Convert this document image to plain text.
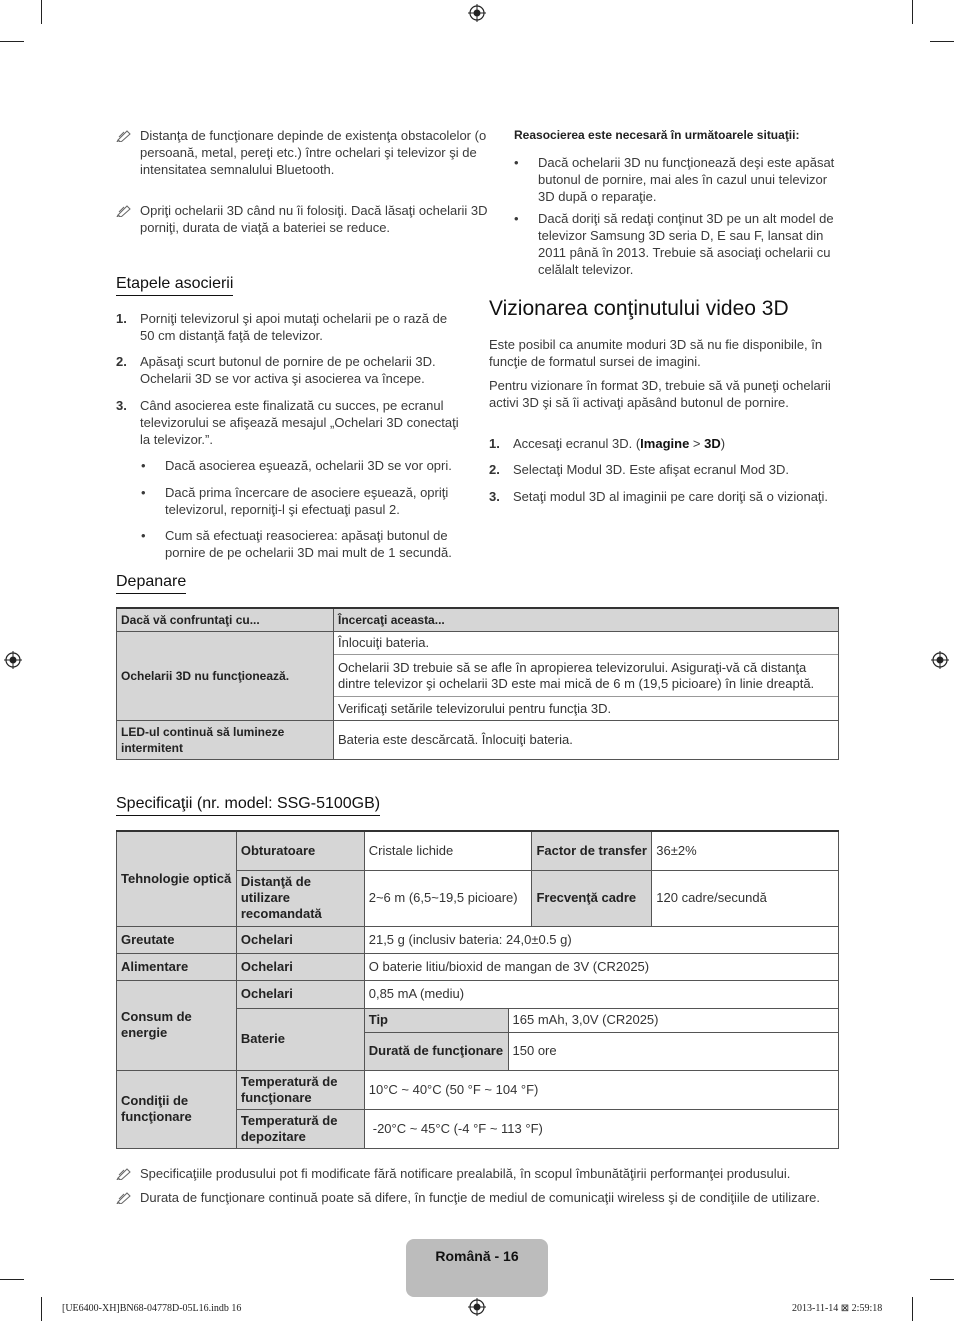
Distanţa de funcţionare depinde de existenţa obstacolelor (o persoană, metal, pereţi etc.) între ochelari şi televizor şi de intensitatea semnalului Bluetooth.
Opriţi ochelarii 3D când nu îi folosiţi. Dacă lăsaţi ochelarii 3D porniţi, durata de viaţă a bateriei se reduce.
Etapele asocierii
1. Porniţi televizorul şi apoi mutaţi ochelarii pe o rază de 50 cm distanţă faţă de televizor.
2. Apăsaţi scurt butonul de pornire de pe ochelarii 3D. Ochelarii 3D se vor activa şi asocierea va începe.
3. Când asocierea este finalizată cu succes, pe ecranul televizorului se afişează mesajul „Ochelari 3D conectaţi la televizor.”.
• Dacă asocierea eşuează, ochelarii 3D se vor opri.
• Dacă prima încercare de asociere eşuează, opriţi televizorul, reporniţi-l şi efectuaţi pasul 2.
• Cum să efectuaţi reasocierea: apăsaţi butonul de pornire de pe ochelarii 3D mai mult de 1 secundă.
Reasocierea este necesară în următoarele situaţii:
• Dacă ochelarii 3D nu funcţionează deşi este apăsat butonul de pornire, mai ales în cazul unui televizor 3D după o reparaţie.
• Dacă doriţi să redaţi conţinut 3D pe un alt model de televizor Samsung 3D seria D, E sau F, lansat din 2011 până în 2013. Trebuie să asociaţi ochelarii cu celălalt televizor.
Vizionarea conţinutului video 3D
Este posibil ca anumite moduri 3D să nu fie disponibile, în funcţie de formatul sursei de imagini.
Pentru vizionare în format 3D, trebuie să vă puneţi ochelarii activi 3D şi să îi activaţi apăsând butonul de pornire.
1. Accesaţi ecranul 3D. (Imagine > 3D)
2. Selectaţi Modul 3D. Este afişat ecranul Mod 3D.
3. Setaţi modul 3D al imaginii pe care doriţi să o vizionaţi.
Depanare
Dacă vă confruntaţi cu...	Încercaţi aceasta...
Ochelarii 3D nu funcţionează.	Înlocuiţi bateria.
Ochelarii 3D trebuie să se afle în apropierea televizorului. Asiguraţi-vă că distanţa dintre televizor şi ochelarii 3D este mai mică de 6 m (19,5 picioare) în linie dreaptă.
Verificaţi setările televizorului pentru funcţia 3D.

LED-ul continuă să lumineze intermitent	Bateria este descărcată. Înlocuiţi bateria.
Specificaţii (nr. model: SSG-5100GB)
Tehnologie optică	Obturatoare	Cristale lichide		Factor de transfer	36±2%
	Distanţă de utilizare recomandată	2~6 m (6,5~19,5 picioare)		Frecvenţă cadre	120 cadre/secundă
Greutate	Ochelari	21,5 g (inclusiv bateria: 24,0±0.5 g)			
Alimentare	Ochelari	O baterie litiu/bioxid de mangan de 3V (CR2025)			
Consum de energie	Ochelari	0,85 mA (mediu)			
	Baterie	Tip	165 mAh, 3,0V (CR2025)		
		Durată de funcţionare	150 ore		
Condiţii de funcţionare	Temperatură de funcţionare	10°C ~ 40°C (50 °F ~ 104 °F)			
	Temperatură de depozitare	-20°C ~ 45°C (-4 °F ~ 113 °F)			
Specificaţiile produsului pot fi modificate fără notificare prealabilă, în scopul îmbunătăţirii performanţei produsului.
Durata de funcţionare continuă poate să difere, în funcţie de mediul de comunicaţii wireless şi de condiţiile de utilizare.
Română - 16
[UE6400-XH]BN68-04778D-05L16.indb 16	2013-11-14 ⊠ 2:59:18
